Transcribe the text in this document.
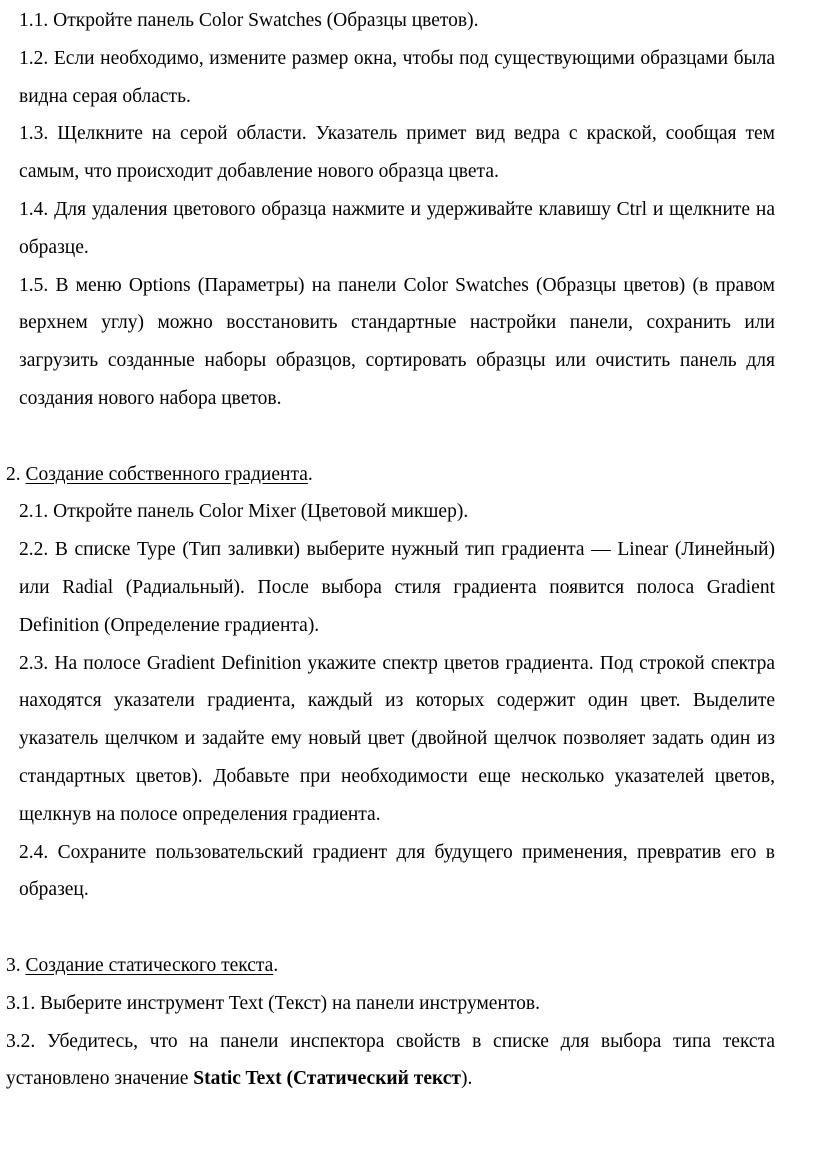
1.1. Откройте панель Color Swatches (Образцы цветов).

1.2. Если необходимо, измените размер окна, чтобы под существующими образцами была видна серая область.

1.3. Щелкните на серой области. Указатель примет вид ведра с краской, сообщая тем самым, что происходит добавление нового образца цвета.

1.4. Для удаления цветового образца нажмите и удерживайте клавишу Ctrl и щелкните на образце.

1.5. В меню Options (Параметры) на панели Color Swatches (Образцы цветов) (в правом верхнем углу) можно восстановить стандартные настройки панели, сохранить или загрузить созданные наборы образцов, сортировать образцы или очистить панель для создания нового набора цветов.

2. Создание собственного градиента.

2.1. Откройте панель Color Mixer (Цветовой микшер).

2.2. В списке Type (Тип заливки) выберите нужный тип градиента — Linear (Линейный) или Radial (Радиальный). После выбора стиля градиента появится полоса Gradient Definition (Определение градиента).

2.3. На полосе Gradient Definition укажите спектр цветов градиента. Под строкой спектра находятся указатели градиента, каждый из которых содержит один цвет. Выделите указатель щелчком и задайте ему новый цвет (двойной щелчок позволяет задать один из стандартных цветов). Добавьте при необходимости еще несколько указателей цветов, щелкнув на полосе определения градиента.

2.4. Сохраните пользовательский градиент для будущего применения, превратив его в образец.

3. Создание статического текста.

3.1. Выберите инструмент Text (Текст) на панели инструментов.

3.2. Убедитесь, что на панели инспектора свойств в списке для выбора типа текста установлено значение Static Text (Статический текст).
